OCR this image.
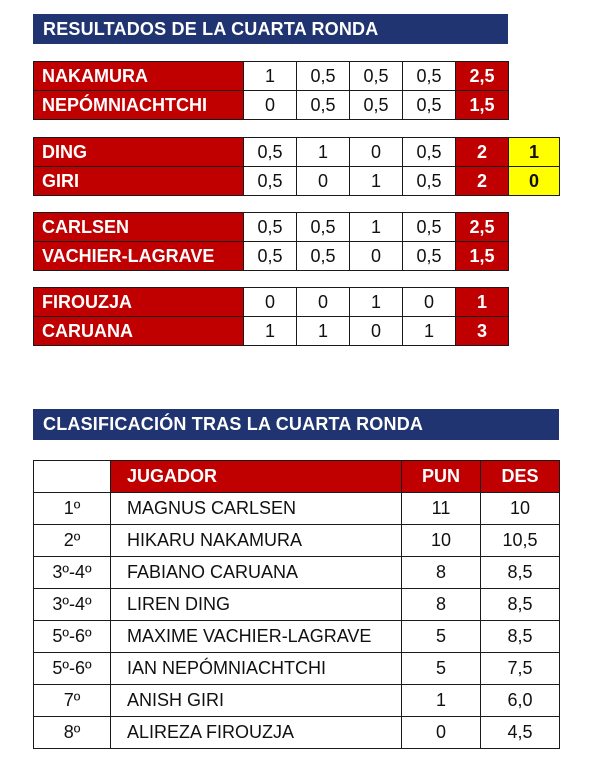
RESULTADOS DE LA CUARTA RONDA
NAKAMURA	1	0,5	0,5	0,5	2,5
NEPÓMNIACHTCHI	0	0,5	0,5	0,5	1,5
DING	0,5	1	0	0,5	2	1
GIRI	0,5	0	1	0,5	2	0
CARLSEN	0,5	0,5	1	0,5	2,5
VACHIER-LAGRAVE	0,5	0,5	0	0,5	1,5
FIROUZJA	0	0	1	0	1
CARUANA	1	1	0	1	3
CLASIFICACIÓN TRAS LA CUARTA RONDA
	JUGADOR	PUN	DES
1º	MAGNUS CARLSEN	11	10
2º	HIKARU NAKAMURA	10	10,5
3º-4º	FABIANO CARUANA	8	8,5
3º-4º	LIREN DING	8	8,5
5º-6º	MAXIME VACHIER-LAGRAVE	5	8,5
5º-6º	IAN NEPÓMNIACHTCHI	5	7,5
7º	ANISH GIRI	1	6,0
8º	ALIREZA FIROUZJA	0	4,5
